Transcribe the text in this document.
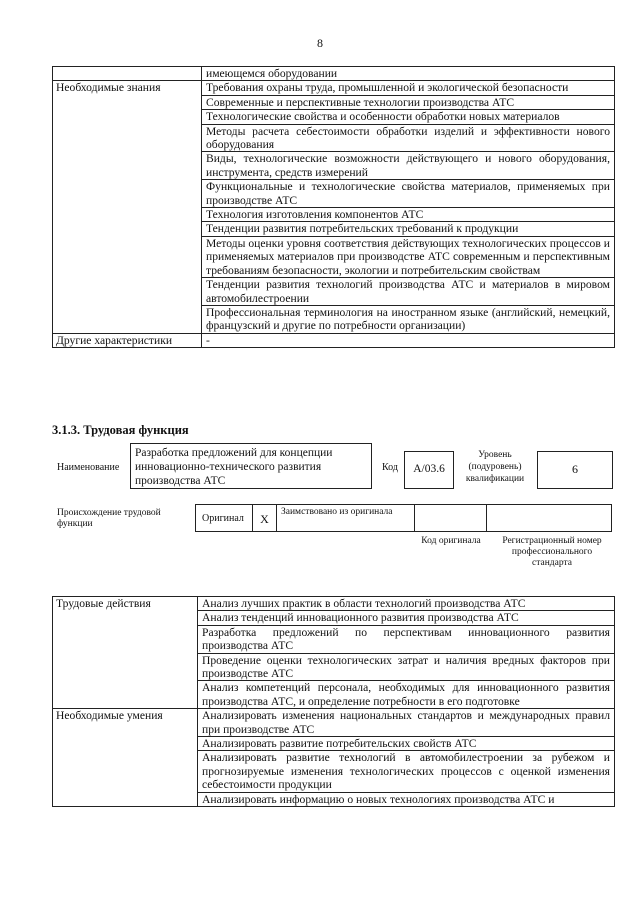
8
	имеющемся оборудовании
Необходимые знания	Требования охраны труда, промышленной и экологической безопасности
	Современные и перспективные технологии производства АТС
	Технологические свойства и особенности обработки новых материалов
	Методы расчета себестоимости обработки изделий и эффективности нового оборудования
	Виды, технологические возможности действующего и нового оборудования, инструмента, средств измерений
	Функциональные и технологические свойства материалов, применяемых при производстве АТС
	Технология изготовления компонентов АТС
	Тенденции развития потребительских требований к продукции
	Методы оценки уровня соответствия действующих технологических процессов и применяемых материалов при производстве АТС современным и перспективным требованиям безопасности, экологии и потребительским свойствам
	Тенденции развития технологий производства АТС и материалов в мировом автомобилестроении
	Профессиональная терминология на иностранном языке (английский, немецкий, французский и другие по потребности организации)
Другие характеристики	-
3.1.3. Трудовая функция
Наименование
Разработка предложений для концепции инновационно-технического развития производства АТС
Код	A/03.6
Уровень (подуровень) квалификации
6
Происхождение трудовой функции	Оригинал	X	Заимствовано из оригинала
Код оригинала	Регистрационный номер профессионального стандарта
Трудовые действия	Анализ лучших практик в области технологий производства АТС
	Анализ тенденций инновационного развития производства АТС
	Разработка предложений по перспективам инновационного развития производства АТС
	Проведение оценки технологических затрат и наличия вредных факторов при производстве АТС
	Анализ компетенций персонала, необходимых для инновационного развития производства АТС, и определение потребности в его подготовке
Необходимые умения	Анализировать изменения национальных стандартов и международных правил при производстве АТС
	Анализировать развитие потребительских свойств АТС
	Анализировать развитие технологий в автомобилестроении за рубежом и прогнозируемые изменения технологических процессов с оценкой изменения себестоимости продукции
	Анализировать информацию о новых технологиях производства АТС и
